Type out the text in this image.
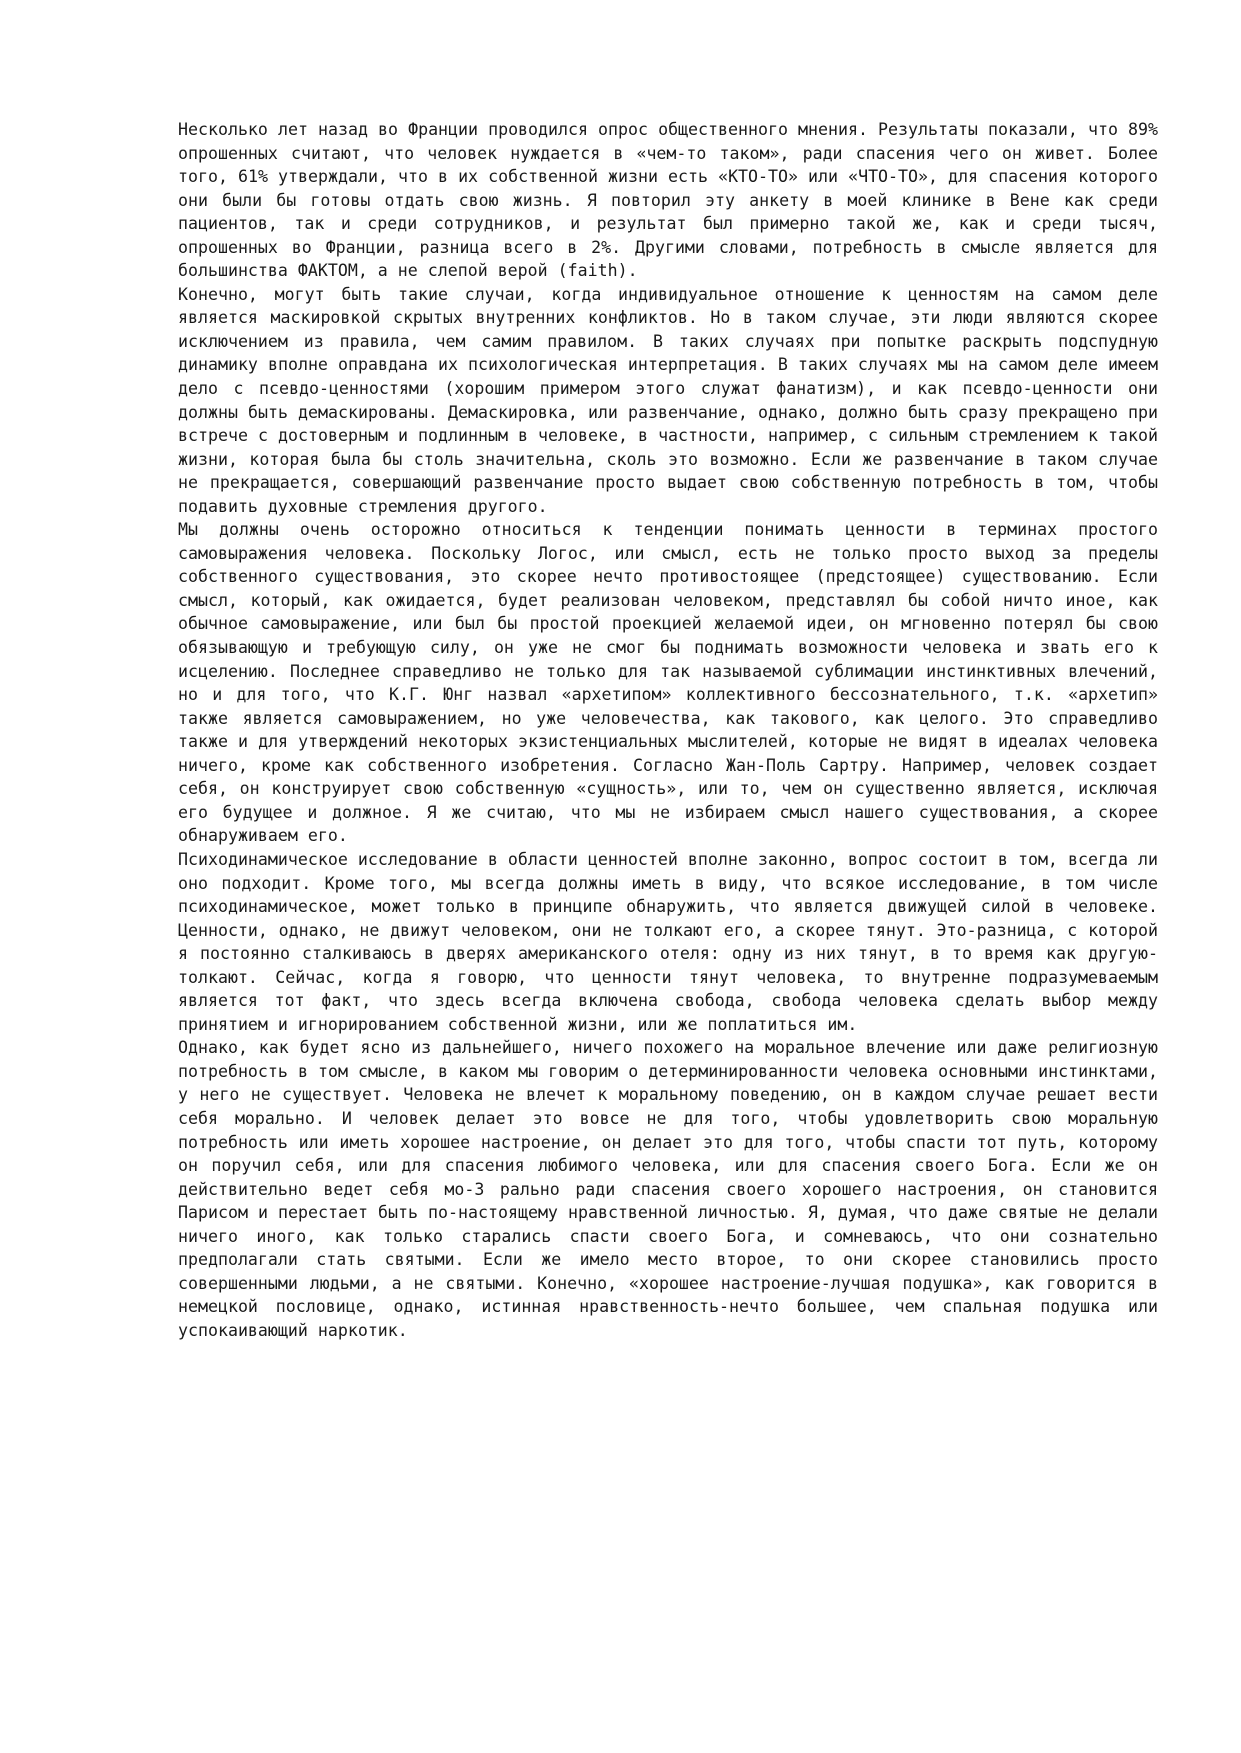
Несколько лет назад во Франции проводился опрос общественного мнения. Результаты показали, что 89% опрошенных считают, что человек нуждается в «чем-то таком», ради спасения чего он живет. Более того, 61% утверждали, что в их собственной жизни есть «КТО-ТО» или «ЧТО-ТО», для спасения которого они были бы готовы отдать свою жизнь. Я повторил эту анкету в моей клинике в Вене как среди пациентов, так и среди сотрудников, и результат был примерно такой же, как и среди тысяч, опрошенных во Франции, разница всего в 2%. Другими словами, потребность в смысле является для большинства ФАКТОМ, а не слепой верой (faith).

Конечно, могут быть такие случаи, когда индивидуальное отношение к ценностям на самом деле является маскировкой скрытых внутренних конфликтов. Но в таком случае, эти люди являются скорее исключением из правила, чем самим правилом. В таких случаях при попытке раскрыть подспудную динамику вполне оправдана их психологическая интерпретация. В таких случаях мы на самом деле имеем дело с псевдо-ценностями (хорошим примером этого служат фанатизм), и как псевдо-ценности они должны быть демаскированы. Демаскировка, или развенчание, однако, должно быть сразу прекращено при встрече с достоверным и подлинным в человеке, в частности, например, с сильным стремлением к такой жизни, которая была бы столь значительна, сколь это возможно. Если же развенчание в таком случае не прекращается, совершающий развенчание просто выдает свою собственную потребность в том, чтобы подавить духовные стремления другого.

Мы должны очень осторожно относиться к тенденции понимать ценности в терминах простого самовыражения человека. Поскольку Логос, или смысл, есть не только просто выход за пределы собственного существования, это скорее нечто противостоящее (предстоящее) существованию. Если смысл, который, как ожидается, будет реализован человеком, представлял бы собой ничто иное, как обычное самовыражение, или был бы простой проекцией желаемой идеи, он мгновенно потерял бы свою обязывающую и требующую силу, он уже не смог бы поднимать возможности человека и звать его к исцелению. Последнее справедливо не только для так называемой сублимации инстинктивных влечений, но и для того, что К.Г. Юнг назвал «архетипом» коллективного бессознательного, т.к. «архетип» также является самовыражением, но уже человечества, как такового, как целого. Это справедливо также и для утверждений некоторых экзистенциальных мыслителей, которые не видят в идеалах человека ничего, кроме как собственного изобретения. Согласно Жан-Поль Сартру. Например, человек создает себя, он конструирует свою собственную «сущность», или то, чем он существенно является, исключая его будущее и должное. Я же считаю, что мы не избираем смысл нашего существования, а скорее обнаруживаем его.

Психодинамическое исследование в области ценностей вполне законно, вопрос состоит в том, всегда ли оно подходит. Кроме того, мы всегда должны иметь в виду, что всякое исследование, в том числе психодинамическое, может только в принципе обнаружить, что является движущей силой в человеке. Ценности, однако, не движут человеком, они не толкают его, а скорее тянут. Это-разница, с которой я постоянно сталкиваюсь в дверях американского отеля: одну из них тянут, в то время как другую-толкают. Сейчас, когда я говорю, что ценности тянут человека, то внутренне подразумеваемым является тот факт, что здесь всегда включена свобода, свобода человека сделать выбор между принятием и игнорированием собственной жизни, или же поплатиться им.

Однако, как будет ясно из дальнейшего, ничего похожего на моральное влечение или даже религиозную потребность в том смысле, в каком мы говорим о детерминированности человека основными инстинктами, у него не существует. Человека не влечет к моральному поведению, он в каждом случае решает вести себя морально. И человек делает это вовсе не для того, чтобы удовлетворить свою моральную потребность или иметь хорошее настроение, он делает это для того, чтобы спасти тот путь, которому он поручил себя, или для спасения любимого человека, или для спасения своего Бога. Если же он действительно ведет себя мо-3 рально ради спасения своего хорошего настроения, он становится Парисом и перестает быть по-настоящему нравственной личностью. Я, думая, что даже святые не делали ничего иного, как только старались спасти своего Бога, и сомневаюсь, что они сознательно предполагали стать святыми. Если же имело место второе, то они скорее становились просто совершенными людьми, а не святыми. Конечно, «хорошее настроение-лучшая подушка», как говорится в немецкой пословице, однако, истинная нравственность-нечто большее, чем спальная подушка или успокаивающий наркотик.
